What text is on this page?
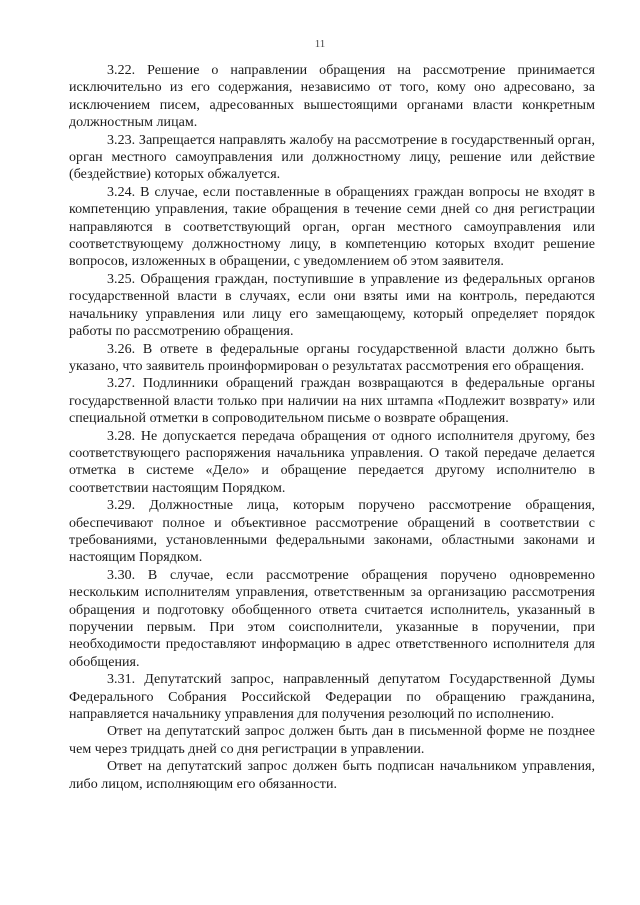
11

3.22. Решение о направлении обращения на рассмотрение принимается исключительно из его содержания, независимо от того, кому оно адресовано, за исключением писем, адресованных вышестоящими органами власти конкретным должностным лицам.

3.23. Запрещается направлять жалобу на рассмотрение в государственный орган, орган местного самоуправления или должностному лицу, решение или действие (бездействие) которых обжалуется.

3.24. В случае, если поставленные в обращениях граждан вопросы не входят в компетенцию управления, такие обращения в течение семи дней со дня регистрации направляются в соответствующий орган, орган местного самоуправления или соответствующему должностному лицу, в компетенцию которых входит решение вопросов, изложенных в обращении, с уведомлением об этом заявителя.

3.25. Обращения граждан, поступившие в управление из федеральных органов государственной власти в случаях, если они взяты ими на контроль, передаются начальнику управления или лицу его замещающему, который определяет порядок работы по рассмотрению обращения.

3.26. В ответе в федеральные органы государственной власти должно быть указано, что заявитель проинформирован о результатах рассмотрения его обращения.

3.27. Подлинники обращений граждан возвращаются в федеральные органы государственной власти только при наличии на них штампа «Подлежит возврату» или специальной отметки в сопроводительном письме о возврате обращения.

3.28. Не допускается передача обращения от одного исполнителя другому, без соответствующего распоряжения начальника управления. О такой передаче делается отметка в системе «Дело» и обращение передается другому исполнителю в соответствии настоящим Порядком.

3.29. Должностные лица, которым поручено рассмотрение обращения, обеспечивают полное и объективное рассмотрение обращений в соответствии с требованиями, установленными федеральными законами, областными законами и настоящим Порядком.

3.30. В случае, если рассмотрение обращения поручено одновременно нескольким исполнителям управления, ответственным за организацию рассмотрения обращения и подготовку обобщенного ответа считается исполнитель, указанный в поручении первым. При этом соисполнители, указанные в поручении, при необходимости предоставляют информацию в адрес ответственного исполнителя для обобщения.

3.31. Депутатский запрос, направленный депутатом Государственной Думы Федерального Собрания Российской Федерации по обращению гражданина, направляется начальнику управления для получения резолюций по исполнению.

Ответ на депутатский запрос должен быть дан в письменной форме не позднее чем через тридцать дней со дня регистрации в управлении.

Ответ на депутатский запрос должен быть подписан начальником управления, либо лицом, исполняющим его обязанности.
